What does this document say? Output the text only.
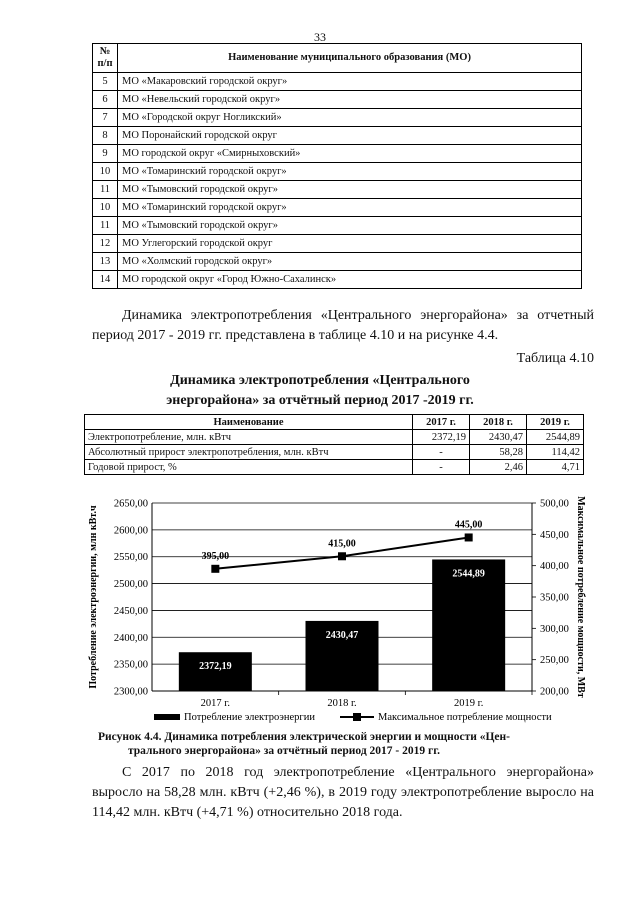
33
№ п/п	Наименование муниципального образования (МО)
5	МО «Макаровский городской округ»
6	МО «Невельский городской округ»
7	МО «Городской округ Ногликский»
8	МО Поронайский городской округ
9	МО городской округ «Смирныховский»
10	МО «Томаринский городской округ»
11	МО «Тымовский городской округ»
10	МО «Томаринский городской округ»
11	МО «Тымовский городской округ»
12	МО Углегорский городской округ
13	МО «Холмский городской округ»
14	МО городской округ «Город Южно-Сахалинск»
Динамика электропотребления «Центрального энергорайона» за отчетный период 2017 - 2019 гг. представлена в таблице 4.10 и на рисунке 4.4.
Таблица 4.10
Динамика электропотребления «Центрального энергорайона» за отчётный период 2017 -2019 гг.
Наименование	2017 г.	2018 г.	2019 г.
Электропотребление, млн. кВтч	2372,19	2430,47	2544,89
Абсолютный прирост электропотребления, млн. кВтч	-	58,28	114,42
Годовой прирост, %	-	2,46	4,71
2300,00
2350,00
2400,00
2450,00
2500,00
2550,00
2600,00
2650,00
200,00
250,00
300,00
350,00
400,00
450,00
500,00
2372,19
2017 г.
2430,47
2018 г.
2544,89
2019 г.
395,00
415,00
445,00
Потребление электроэнергии, млн кВт.ч	Максимальное потребление мощности, МВт
Потребление электроэнергии	Максимальное потребление мощности
Рисунок 4.4. Динамика потребления электрической энергии и мощности «Цен-
трального энергорайона» за отчётный период 2017 - 2019 гг.
С 2017 по 2018 год электропотребление «Центрального энергорайона» выросло на 58,28 млн. кВтч (+2,46 %), в 2019 году электропотребление выросло на 114,42 млн. кВтч (+4,71 %) относительно 2018 года.
